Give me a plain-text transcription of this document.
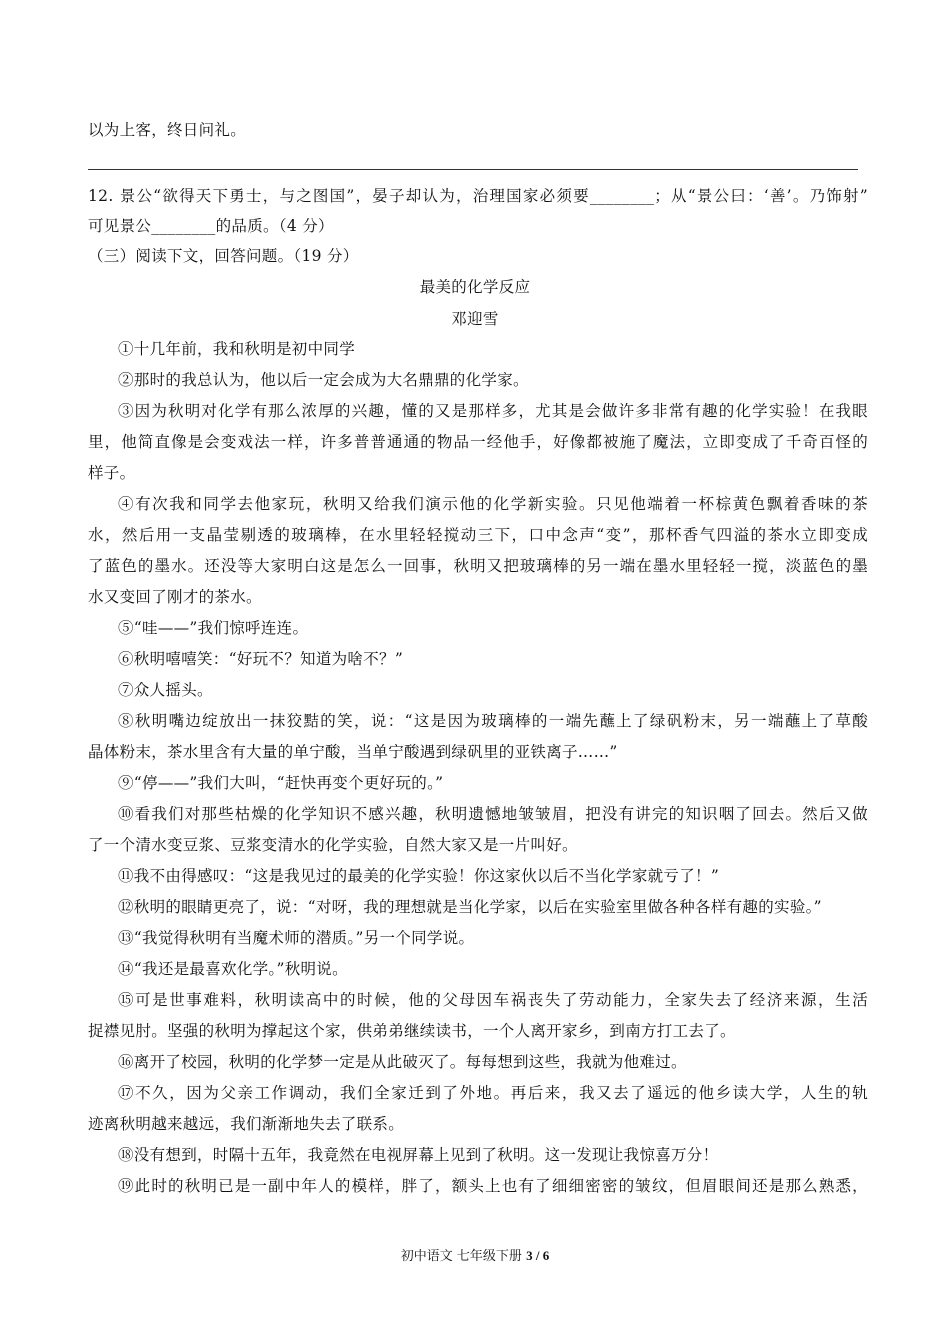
以为上客，终日问礼。
12. 景公“欲得天下勇士，与之图国”，晏子却认为，治理国家必须要________；从“景公曰：‘善’。乃饰射”
可见景公________的品质。（4 分）
（三）阅读下文，回答问题。（19 分）
最美的化学反应
邓迎雪
①十几年前，我和秋明是初中同学
②那时的我总认为，他以后一定会成为大名鼎鼎的化学家。
③因为秋明对化学有那么浓厚的兴趣，懂的又是那样多，尤其是会做许多非常有趣的化学实验！在我眼
里，他简直像是会变戏法一样，许多普普通通的物品一经他手，好像都被施了魔法，立即变成了千奇百怪的
样子。
④有次我和同学去他家玩，秋明又给我们演示他的化学新实验。只见他端着一杯棕黄色飘着香味的茶
水，然后用一支晶莹剔透的玻璃棒，在水里轻轻搅动三下，口中念声“变”，那杯香气四溢的茶水立即变成
了蓝色的墨水。还没等大家明白这是怎么一回事，秋明又把玻璃棒的另一端在墨水里轻轻一搅，淡蓝色的墨
水又变回了刚才的茶水。
⑤“哇——”我们惊呼连连。
⑥秋明嘻嘻笑：“好玩不？知道为啥不？”
⑦众人摇头。
⑧秋明嘴边绽放出一抹狡黠的笑，说：“这是因为玻璃棒的一端先蘸上了绿矾粉末，另一端蘸上了草酸
晶体粉末，茶水里含有大量的单宁酸，当单宁酸遇到绿矾里的亚铁离子……”
⑨“停——”我们大叫，“赶快再变个更好玩的。”
⑩看我们对那些枯燥的化学知识不感兴趣，秋明遗憾地皱皱眉，把没有讲完的知识咽了回去。然后又做
了一个清水变豆浆、豆浆变清水的化学实验，自然大家又是一片叫好。
⑪我不由得感叹：“这是我见过的最美的化学实验！你这家伙以后不当化学家就亏了！”
⑫秋明的眼睛更亮了，说：“对呀，我的理想就是当化学家，以后在实验室里做各种各样有趣的实验。”
⑬“我觉得秋明有当魔术师的潜质。”另一个同学说。
⑭“我还是最喜欢化学。”秋明说。
⑮可是世事难料，秋明读高中的时候，他的父母因车祸丧失了劳动能力，全家失去了经济来源，生活
捉襟见肘。坚强的秋明为撑起这个家，供弟弟继续读书，一个人离开家乡，到南方打工去了。
⑯离开了校园，秋明的化学梦一定是从此破灭了。每每想到这些，我就为他难过。
⑰不久，因为父亲工作调动，我们全家迁到了外地。再后来，我又去了遥远的他乡读大学，人生的轨
迹离秋明越来越远，我们渐渐地失去了联系。
⑱没有想到，时隔十五年，我竟然在电视屏幕上见到了秋明。这一发现让我惊喜万分！
⑲此时的秋明已是一副中年人的模样，胖了，额头上也有了细细密密的皱纹，但眉眼间还是那么熟悉，
初中语文 七年级下册 3 / 6
